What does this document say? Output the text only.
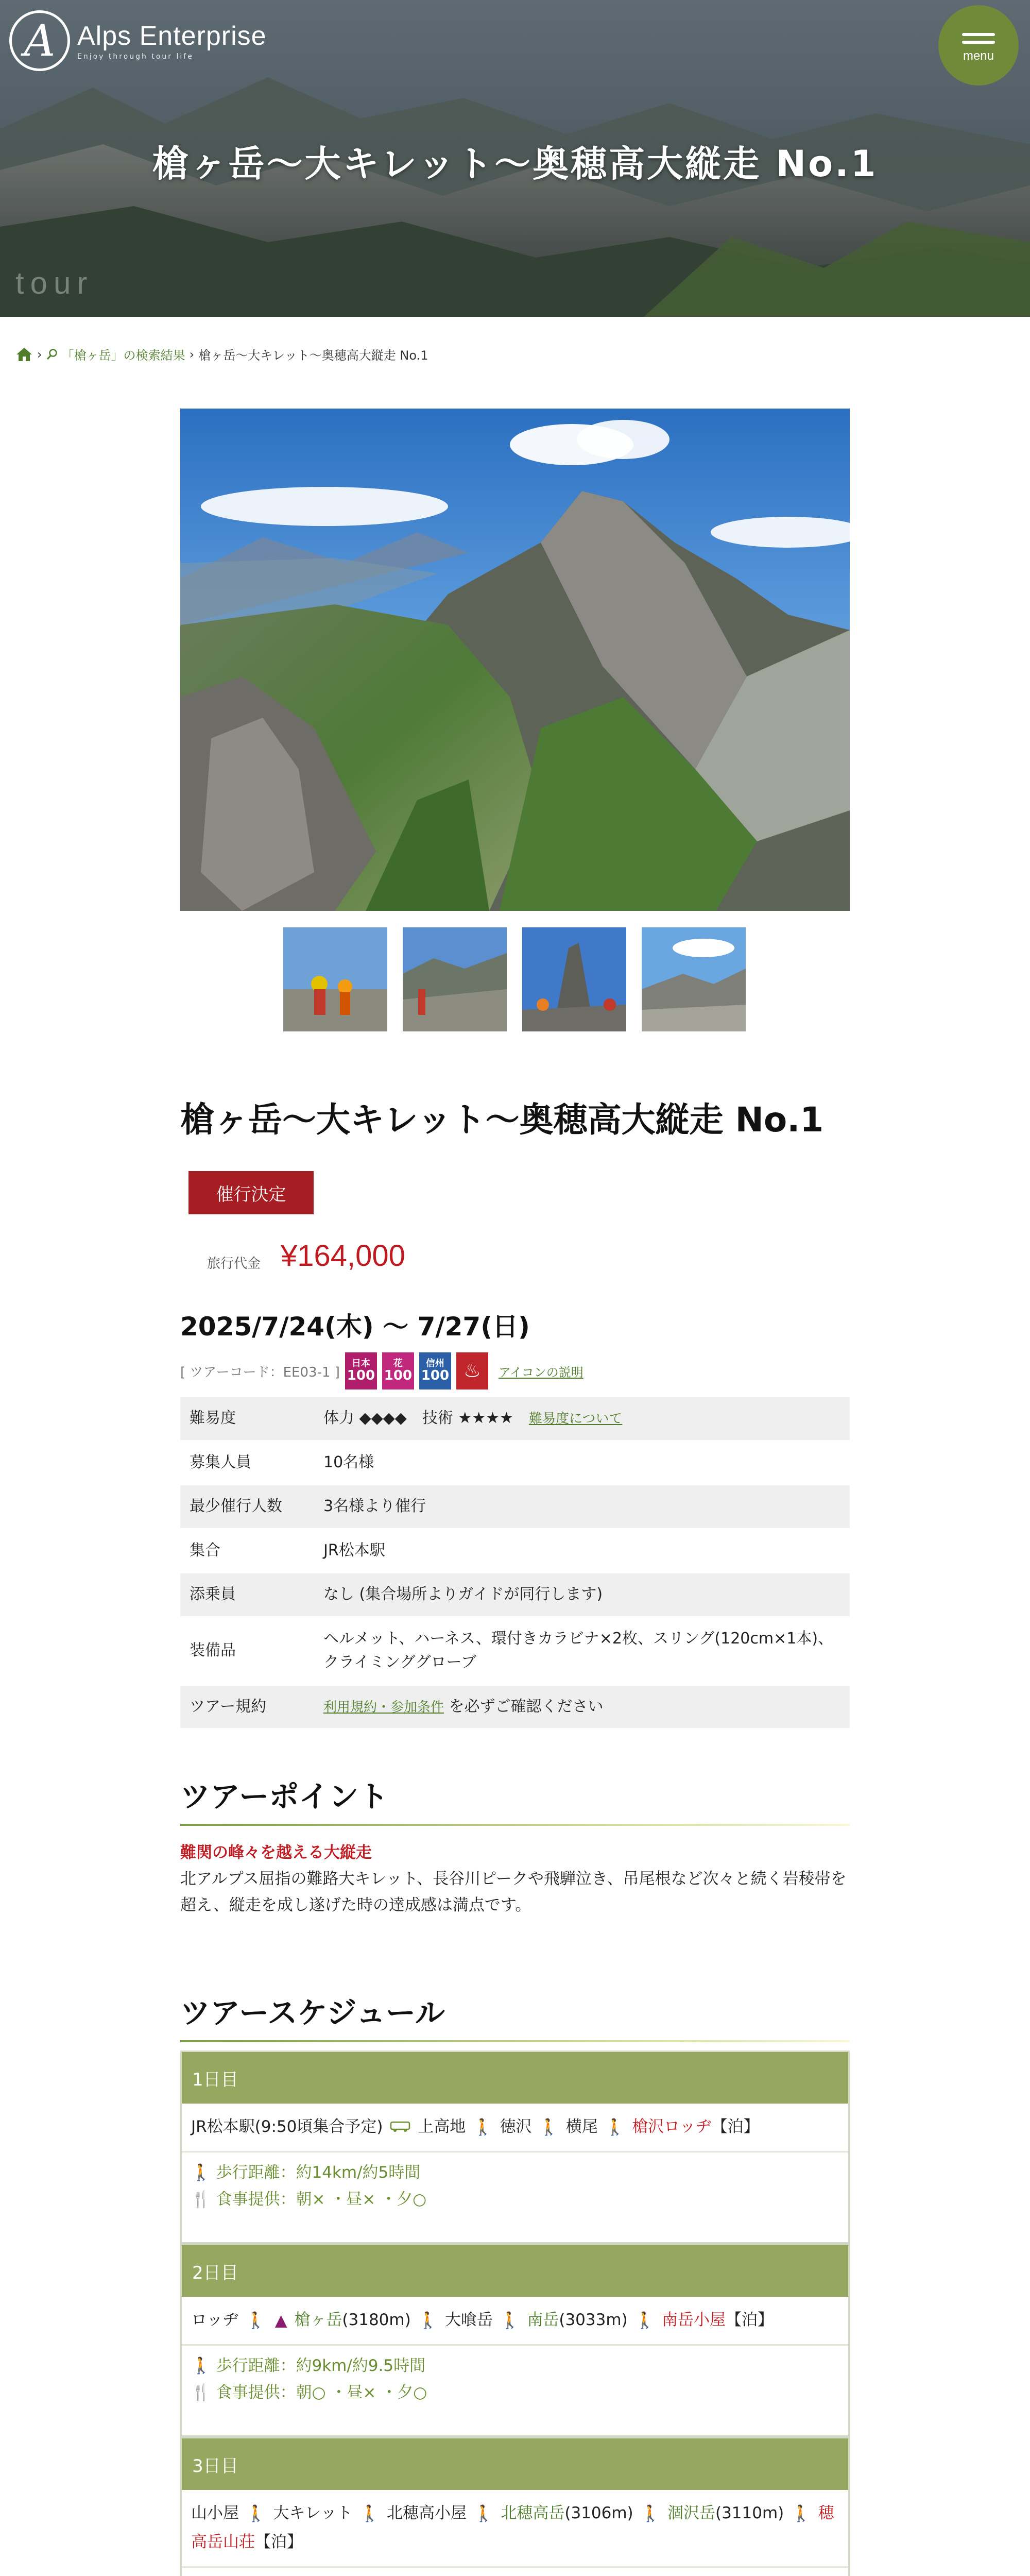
A Alps Enterprise
Enjoy through tour life	menu
槍ヶ岳〜大キレット〜奥穂高大縦走 No.1
tour
› 「槍ヶ岳」の検索結果 › 槍ヶ岳〜大キレット〜奥穂高大縦走 No.1
槍ヶ岳〜大キレット〜奥穂高大縦走 No.1
催行決定
旅行代金 ¥164,000
2025/7/24(木) 〜 7/27(日)
[ ツアーコード：EE03-1 ]
日本
100
花
100
信州
100 ♨	アイコンの説明
難易度	体力 ◆◆◆◆　技術 ★★★★　 難易度について
募集人員	10名様
最少催行人数	3名様より催行
集合	JR松本駅
添乗員	なし (集合場所よりガイドが同行します)
装備品	ヘルメット、ハーネス、環付きカラビナ×2枚、スリング(120cm×1本)、クライミンググローブ
ツアー規約	利用規約・参加条件 を必ずご確認ください
ツアーポイント
難関の峰々を越える大縦走
北アルプス屈指の難路大キレット、長谷川ピークや飛騨泣き、吊尾根など次々と続く岩稜帯を超え、縦走を成し遂げた時の達成感は満点です。
ツアースケジュール
1日目
JR松本駅(9:50頃集合予定) 上高地 🚶 徳沢 🚶 横尾 🚶 槍沢ロッヂ【泊】
🚶 歩行距離：約14km/約5時間
🍴 食事提供：朝× ・昼× ・夕○
2日目
ロッヂ 🚶 ▲ 槍ヶ岳(3180m) 🚶 大喰岳 🚶 南岳(3033m) 🚶 南岳小屋【泊】
🚶 歩行距離：約9km/約9.5時間
🍴 食事提供：朝○ ・昼× ・夕○
3日目
山小屋 🚶 大キレット 🚶 北穂高小屋 🚶 北穂高岳(3106m) 🚶 涸沢岳(3110m) 🚶 穂高岳山荘【泊】
